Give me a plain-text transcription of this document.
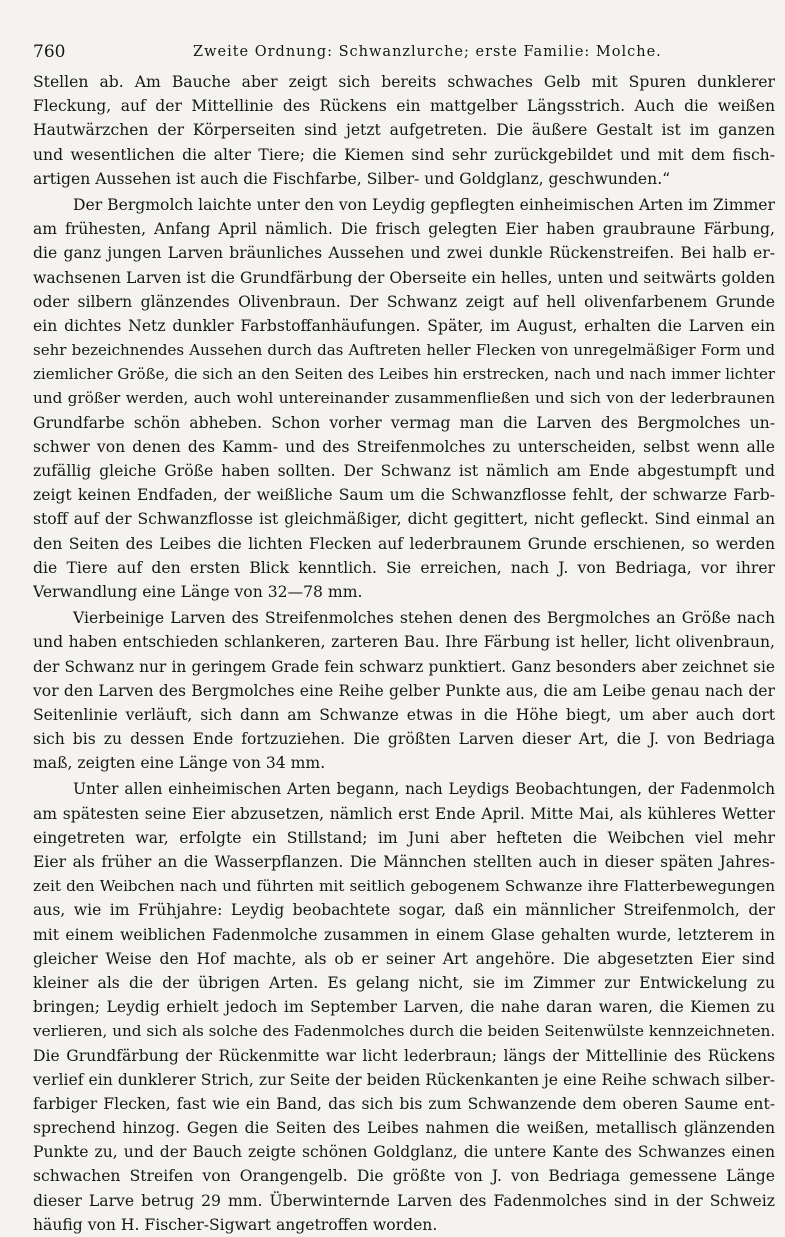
760	Zweite Ordnung: Schwanzlurche; erste Familie: Molche.
Stellen ab. Am Bauche aber zeigt sich bereits schwaches Gelb mit Spuren dunklerer
Fleckung, auf der Mittellinie des Rückens ein mattgelber Längsstrich. Auch die weißen
Hautwärzchen der Körperseiten sind jetzt aufgetreten. Die äußere Gestalt ist im ganzen
und wesentlichen die alter Tiere; die Kiemen sind sehr zurückgebildet und mit dem fisch-
artigen Aussehen ist auch die Fischfarbe, Silber- und Goldglanz, geschwunden.“
Der Bergmolch laichte unter den von Leydig gepflegten einheimischen Arten im Zimmer
am frühesten, Anfang April nämlich. Die frisch gelegten Eier haben graubraune Färbung,
die ganz jungen Larven bräunliches Aussehen und zwei dunkle Rückenstreifen. Bei halb er-
wachsenen Larven ist die Grundfärbung der Oberseite ein helles, unten und seitwärts golden
oder silbern glänzendes Olivenbraun. Der Schwanz zeigt auf hell olivenfarbenem Grunde
ein dichtes Netz dunkler Farbstoffanhäufungen. Später, im August, erhalten die Larven ein
sehr bezeichnendes Aussehen durch das Auftreten heller Flecken von unregelmäßiger Form und
ziemlicher Größe, die sich an den Seiten des Leibes hin erstrecken, nach und nach immer lichter
und größer werden, auch wohl untereinander zusammenfließen und sich von der lederbraunen
Grundfarbe schön abheben. Schon vorher vermag man die Larven des Bergmolches un-
schwer von denen des Kamm- und des Streifenmolches zu unterscheiden, selbst wenn alle
zufällig gleiche Größe haben sollten. Der Schwanz ist nämlich am Ende abgestumpft und
zeigt keinen Endfaden, der weißliche Saum um die Schwanzflosse fehlt, der schwarze Farb-
stoff auf der Schwanzflosse ist gleichmäßiger, dicht gegittert, nicht gefleckt. Sind einmal an
den Seiten des Leibes die lichten Flecken auf lederbraunem Grunde erschienen, so werden
die Tiere auf den ersten Blick kenntlich. Sie erreichen, nach J. von Bedriaga, vor ihrer
Verwandlung eine Länge von 32—78 mm.
Vierbeinige Larven des Streifenmolches stehen denen des Bergmolches an Größe nach
und haben entschieden schlankeren, zarteren Bau. Ihre Färbung ist heller, licht olivenbraun,
der Schwanz nur in geringem Grade fein schwarz punktiert. Ganz besonders aber zeichnet sie
vor den Larven des Bergmolches eine Reihe gelber Punkte aus, die am Leibe genau nach der
Seitenlinie verläuft, sich dann am Schwanze etwas in die Höhe biegt, um aber auch dort
sich bis zu dessen Ende fortzuziehen. Die größten Larven dieser Art, die J. von Bedriaga
maß, zeigten eine Länge von 34 mm.
Unter allen einheimischen Arten begann, nach Leydigs Beobachtungen, der Fadenmolch
am spätesten seine Eier abzusetzen, nämlich erst Ende April. Mitte Mai, als kühleres Wetter
eingetreten war, erfolgte ein Stillstand; im Juni aber hefteten die Weibchen viel mehr
Eier als früher an die Wasserpflanzen. Die Männchen stellten auch in dieser späten Jahres-
zeit den Weibchen nach und führten mit seitlich gebogenem Schwanze ihre Flatterbewegungen
aus, wie im Frühjahre: Leydig beobachtete sogar, daß ein männlicher Streifenmolch, der
mit einem weiblichen Fadenmolche zusammen in einem Glase gehalten wurde, letzterem in
gleicher Weise den Hof machte, als ob er seiner Art angehöre. Die abgesetzten Eier sind
kleiner als die der übrigen Arten. Es gelang nicht, sie im Zimmer zur Entwickelung zu
bringen; Leydig erhielt jedoch im September Larven, die nahe daran waren, die Kiemen zu
verlieren, und sich als solche des Fadenmolches durch die beiden Seitenwülste kennzeichneten.
Die Grundfärbung der Rückenmitte war licht lederbraun; längs der Mittellinie des Rückens
verlief ein dunklerer Strich, zur Seite der beiden Rückenkanten je eine Reihe schwach silber-
farbiger Flecken, fast wie ein Band, das sich bis zum Schwanzende dem oberen Saume ent-
sprechend hinzog. Gegen die Seiten des Leibes nahmen die weißen, metallisch glänzenden
Punkte zu, und der Bauch zeigte schönen Goldglanz, die untere Kante des Schwanzes einen
schwachen Streifen von Orangengelb. Die größte von J. von Bedriaga gemessene Länge
dieser Larve betrug 29 mm. Überwinternde Larven des Fadenmolches sind in der Schweiz
häufig von H. Fischer-Sigwart angetroffen worden.
